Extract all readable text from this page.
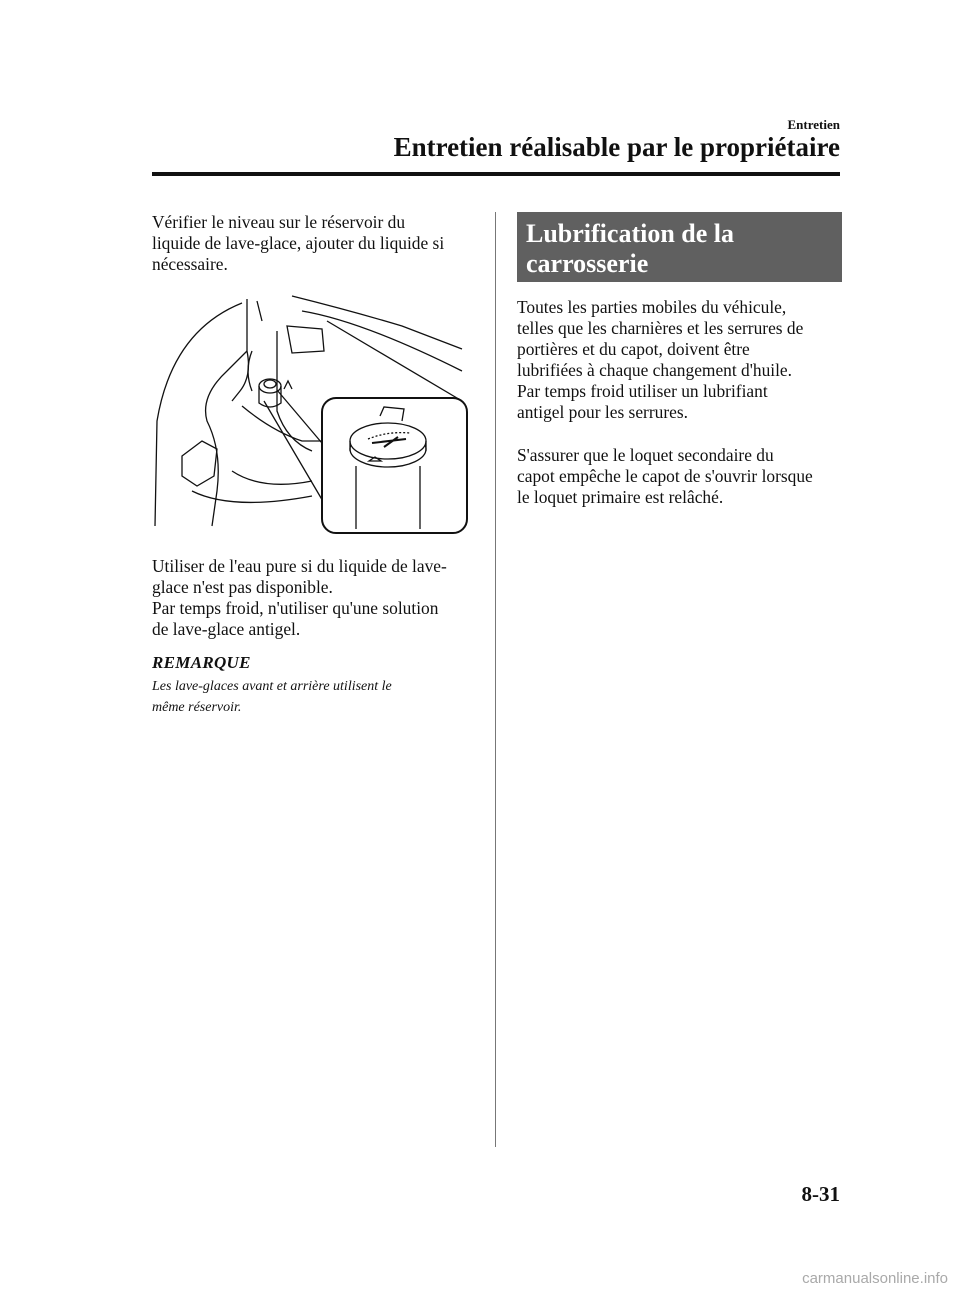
Entretien
Entretien réalisable par le propriétaire

Vérifier le niveau sur le réservoir du
liquide de lave-glace, ajouter du liquide si
nécessaire.

Utiliser de l'eau pure si du liquide de lave-
glace n'est pas disponible.
Par temps froid, n'utiliser qu'une solution
de lave-glace antigel.

REMARQUE

Les lave-glaces avant et arrière utilisent le
même réservoir.

Lubrification de la
carrosserie

Toutes les parties mobiles du véhicule,
telles que les charnières et les serrures de
portières et du capot, doivent être
lubrifiées à chaque changement d'huile.
Par temps froid utiliser un lubrifiant
antigel pour les serrures.

S'assurer que le loquet secondaire du
capot empêche le capot de s'ouvrir lorsque
le loquet primaire est relâché.

8-31
carmanualsonline.info
